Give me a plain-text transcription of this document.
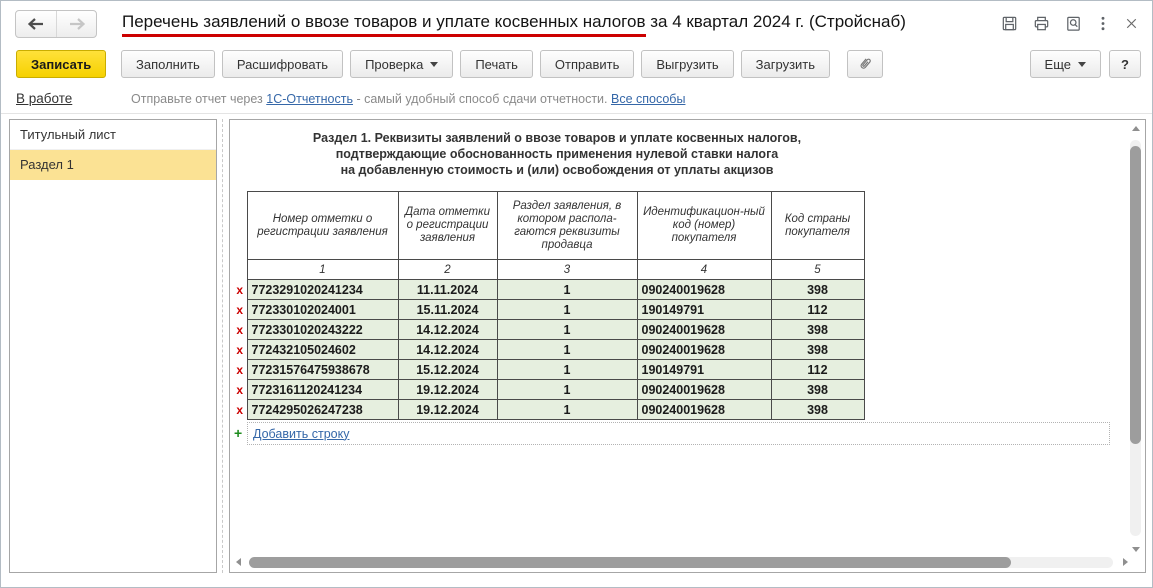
Перечень заявлений о ввозе товаров и уплате косвенных налогов за 4 квартал 2024 г. (Стройснаб)
Записать	Заполнить	Расшифровать	Проверка	Печать	Отправить	Выгрузить	Загрузить	Еще	?
В работе	Отправьте отчет через 1С-Отчетность - самый удобный способ сдачи отчетности. Все способы
Титульный лист
Раздел 1
Раздел 1. Реквизиты заявлений о ввозе товаров и уплате косвенных налогов,
подтверждающие обоснованность применения нулевой ставки налога
на добавленную стоимость и (или) освобождения от уплаты акцизов
	Номер отметки о регистрации заявления	Дата отметки о регистрации заявления	Раздел заявления, в котором распола-гаются реквизиты продавца	Идентификацион-ный код (номер) покупателя	Код страны покупателя
	1	2	3	4	5
x	7723291020241234	11.11.2024	1	090240019628	398
x	772330102024001	15.11.2024	1	190149791	112
x	7723301020243222	14.12.2024	1	090240019628	398
x	772432105024602	14.12.2024	1	090240019628	398
x	77231576475938678	15.12.2024	1	190149791	112
x	7723161120241234	19.12.2024	1	090240019628	398
x	7724295026247238	19.12.2024	1	090240019628	398
+ Добавить строку
